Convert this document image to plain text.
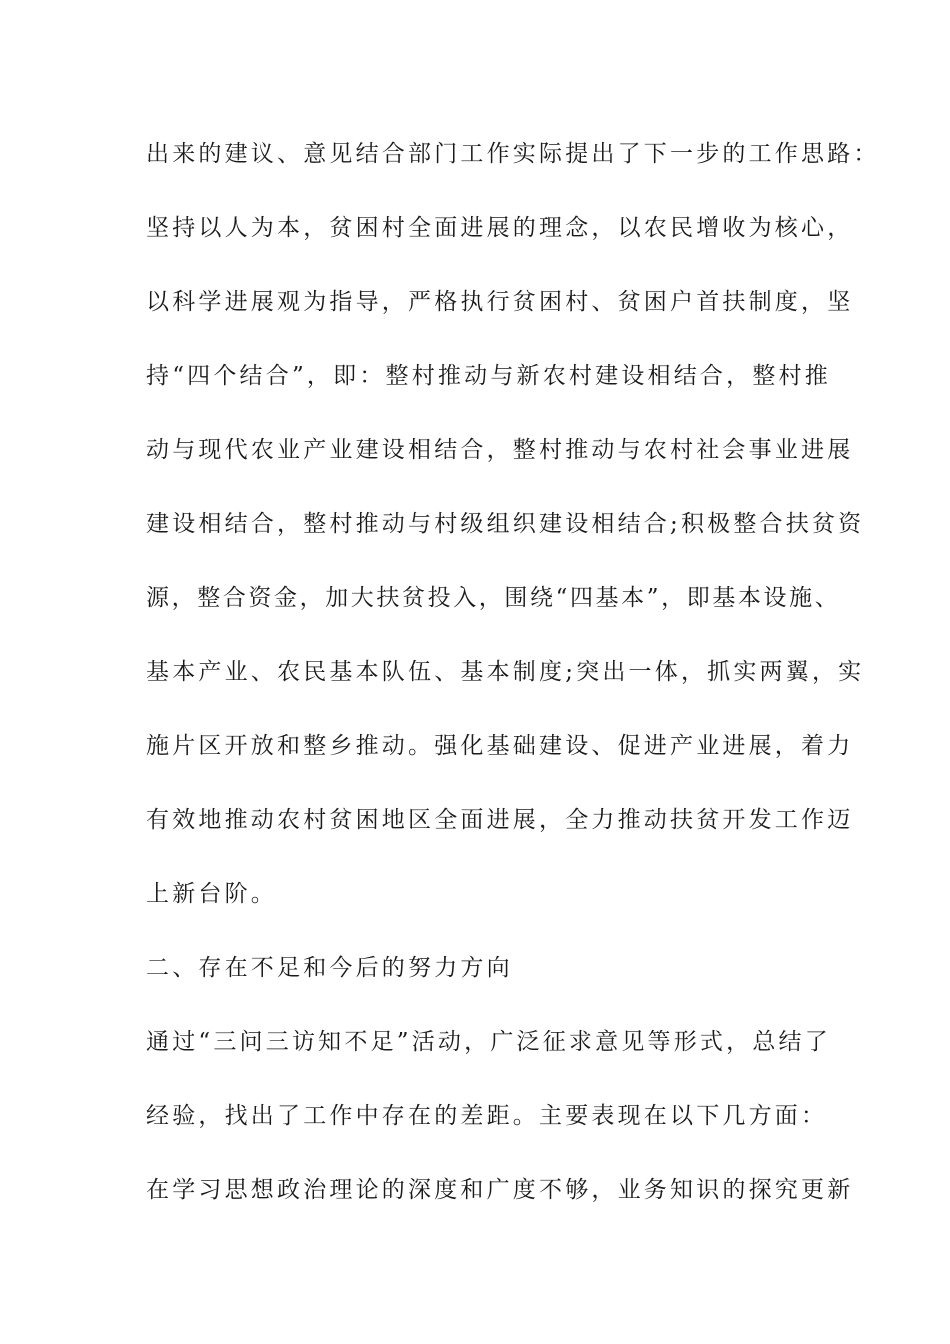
出来的建议、意见结合部门工作实际提出了下一步的工作思路：
坚持以人为本，贫困村全面进展的理念，以农民增收为核心，
以科学进展观为指导，严格执行贫困村、贫困户首扶制度，坚
持“四个结合”，即：整村推动与新农村建设相结合，整村推
动与现代农业产业建设相结合，整村推动与农村社会事业进展
建设相结合，整村推动与村级组织建设相结合;积极整合扶贫资
源，整合资金，加大扶贫投入，围绕“四基本”，即基本设施、
基本产业、农民基本队伍、基本制度;突出一体，抓实两翼，实
施片区开放和整乡推动。强化基础建设、促进产业进展，着力
有效地推动农村贫困地区全面进展，全力推动扶贫开发工作迈
上新台阶。
二、存在不足和今后的努力方向
通过“三问三访知不足”活动，广泛征求意见等形式，总结了
经验，找出了工作中存在的差距。主要表现在以下几方面：
在学习思想政治理论的深度和广度不够，业务知识的探究更新
